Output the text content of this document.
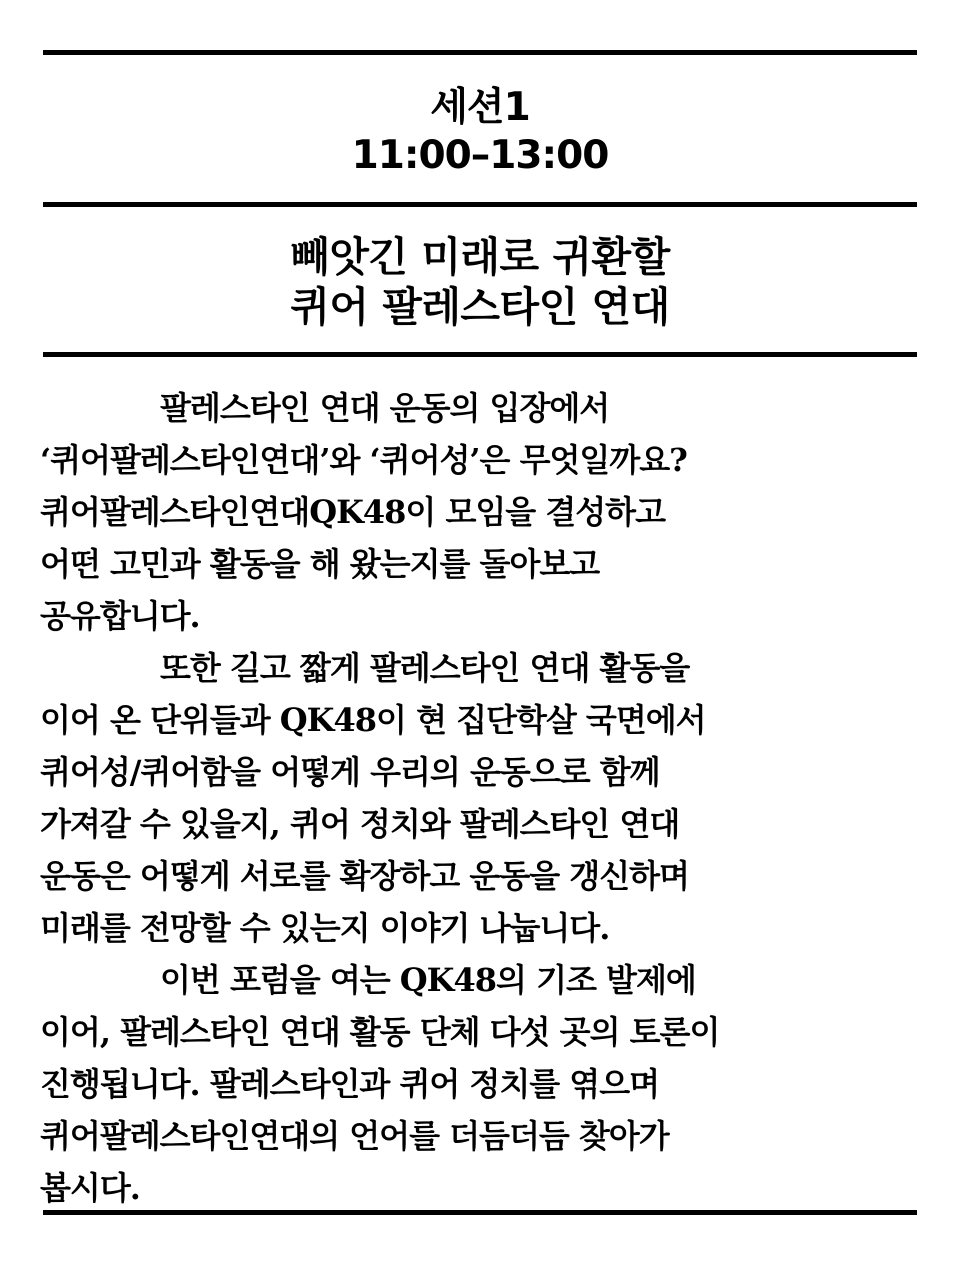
세션1
11:00–13:00
빼앗긴 미래로 귀환할
퀴어 팔레스타인 연대
팔레스타인 연대 운동의 입장에서
‘퀴어팔레스타인연대’와 ‘퀴어성’은 무엇일까요?
퀴어팔레스타인연대QK48이 모임을 결성하고
어떤 고민과 활동을 해 왔는지를 돌아보고
공유합니다.
또한 길고 짧게 팔레스타인 연대 활동을
이어 온 단위들과 QK48이 현 집단학살 국면에서
퀴어성/퀴어함을 어떻게 우리의 운동으로 함께
가져갈 수 있을지, 퀴어 정치와 팔레스타인 연대
운동은 어떻게 서로를 확장하고 운동을 갱신하며
미래를 전망할 수 있는지 이야기 나눕니다.
이번 포럼을 여는 QK48의 기조 발제에
이어, 팔레스타인 연대 활동 단체 다섯 곳의 토론이
진행됩니다. 팔레스타인과 퀴어 정치를 엮으며
퀴어팔레스타인연대의 언어를 더듬더듬 찾아가
봅시다.
